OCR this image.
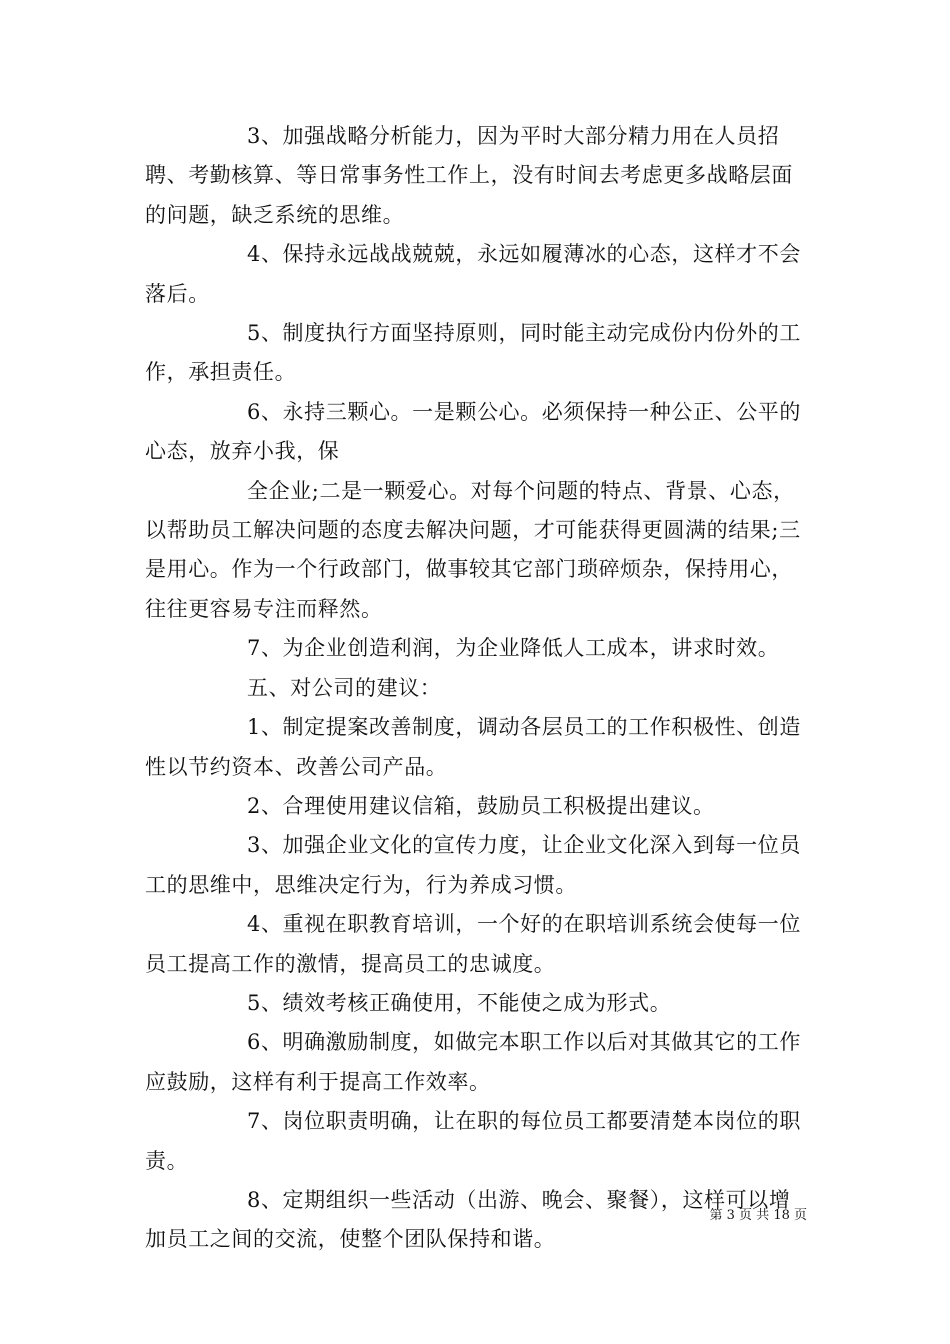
3、加强战略分析能力，因为平时大部分精力用在人员招聘、考勤核算、等日常事务性工作上，没有时间去考虑更多战略层面的问题，缺乏系统的思维。

4、保持永远战战兢兢，永远如履薄冰的心态，这样才不会落后。

5、制度执行方面坚持原则，同时能主动完成份内份外的工作，承担责任。

6、永持三颗心。一是颗公心。必须保持一种公正、公平的心态，放弃小我，保

全企业;二是一颗爱心。对每个问题的特点、背景、心态，以帮助员工解决问题的态度去解决问题，才可能获得更圆满的结果;三是用心。作为一个行政部门，做事较其它部门琐碎烦杂，保持用心，往往更容易专注而释然。

7、为企业创造利润，为企业降低人工成本，讲求时效。

五、对公司的建议：

1、制定提案改善制度，调动各层员工的工作积极性、创造性以节约资本、改善公司产品。

2、合理使用建议信箱，鼓励员工积极提出建议。

3、加强企业文化的宣传力度，让企业文化深入到每一位员工的思维中，思维决定行为，行为养成习惯。

4、重视在职教育培训，一个好的在职培训系统会使每一位员工提高工作的激情，提高员工的忠诚度。

5、绩效考核正确使用，不能使之成为形式。

6、明确激励制度，如做完本职工作以后对其做其它的工作应鼓励，这样有利于提高工作效率。

7、岗位职责明确，让在职的每位员工都要清楚本岗位的职责。

8、定期组织一些活动（出游、晚会、聚餐），这样可以增加员工之间的交流，使整个团队保持和谐。

第 3 页 共 18 页
